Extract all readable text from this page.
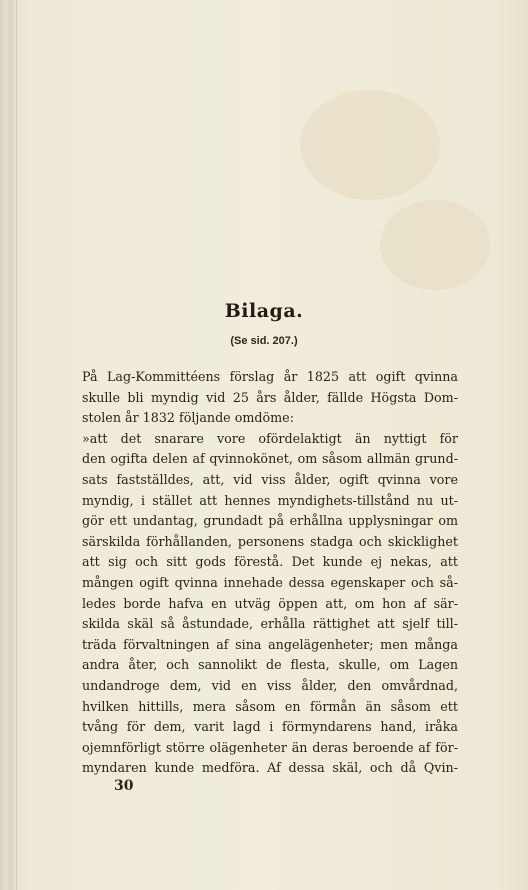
Bilaga.
(Se sid. 207.)
På Lag-Kommittéens förslag år 1825 att ogift qvinna
skulle bli myndig vid 25 års ålder, fällde Högsta Dom-
stolen år 1832 följande omdöme:
»att det snarare vore ofördelaktigt än nyttigt för
den ogifta delen af qvinnokönet, om såsom allmän grund-
sats fastställdes, att, vid viss ålder, ogift qvinna vore
myndig, i stället att hennes myndighets-tillstånd nu ut-
gör ett undantag, grundadt på erhållna upplysningar om
särskilda förhållanden, personens stadga och skicklighet
att sig och sitt gods förestå. Det kunde ej nekas, att
mången ogift qvinna innehade dessa egenskaper och så-
ledes borde hafva en utväg öppen att, om hon af sär-
skilda skäl så åstundade, erhålla rättighet att sjelf till-
träda förvaltningen af sina angelägenheter; men många
andra åter, och sannolikt de flesta, skulle, om Lagen
undandroge dem, vid en viss ålder, den omvårdnad,
hvilken hittills, mera såsom en förmån än såsom ett
tvång för dem, varit lagd i förmyndarens hand, iråka
ojemnförligt större olägenheter än deras beroende af för-
myndaren kunde medföra. Af dessa skäl, och då Qvin-
30
